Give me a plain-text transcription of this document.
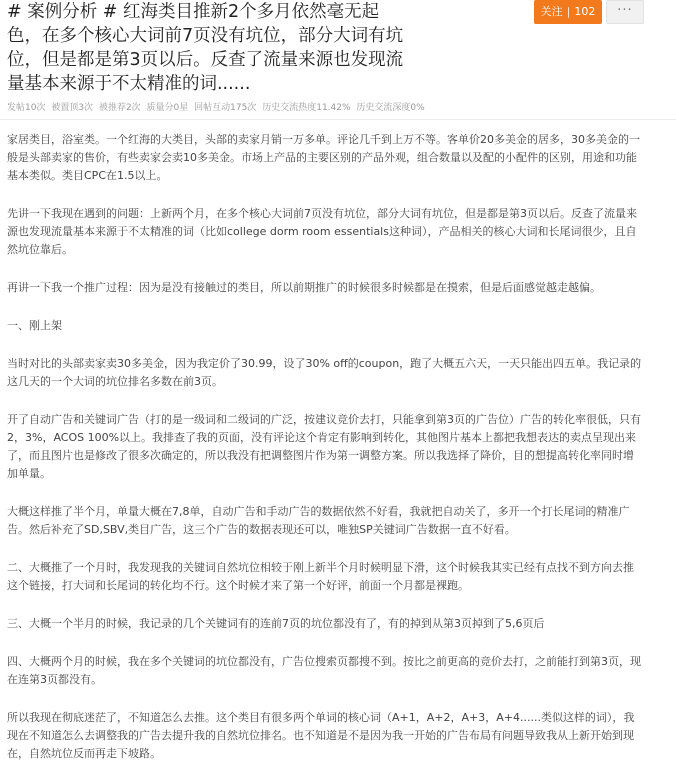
# 案例分析 # 红海类目推新2个多月依然毫无起色，在多个核心大词前7页没有坑位，部分大词有坑位，但是都是第3页以后。反查了流量来源也发现流量基本来源于不太精准的词......
关注 | 102	···
发帖10次 被置顶3次 被推荐2次 质量分0星 回帖互动175次 历史交流热度11.42% 历史交流深度0%

家居类目，浴室类。一个红海的大类目，头部的卖家月销一万多单。评论几千到上万不等。客单价20多美金的居多，30多美金的一般是头部卖家的售价，有些卖家会卖10多美金。市场上产品的主要区别的产品外观，组合数量以及配的小配件的区别，用途和功能基本类似。类目CPC在1.5以上。

先讲一下我现在遇到的问题：上新两个月，在多个核心大词前7页没有坑位，部分大词有坑位，但是都是第3页以后。反查了流量来源也发现流量基本来源于不太精准的词（比如college dorm room essentials这种词），产品相关的核心大词和长尾词很少，且自然坑位靠后。

再讲一下我一个推广过程：因为是没有接触过的类目，所以前期推广的时候很多时候都是在摸索，但是后面感觉越走越偏。

一、刚上架

当时对比的头部卖家卖30多美金，因为我定价了30.99，设了30% off的coupon，跑了大概五六天，一天只能出四五单。我记录的这几天的一个大词的坑位排名多数在前3页。

开了自动广告和关键词广告（打的是一级词和二级词的广泛，按建议竞价去打，只能拿到第3页的广告位）广告的转化率很低，只有2，3%，ACOS 100%以上。我排查了我的页面，没有评论这个肯定有影响到转化，其他图片基本上都把我想表达的卖点呈现出来了，而且图片也是修改了很多次确定的，所以我没有把调整图片作为第一调整方案。所以我选择了降价，目的想提高转化率同时增加单量。

大概这样推了半个月，单量大概在7,8单，自动广告和手动广告的数据依然不好看，我就把自动关了，多开一个打长尾词的精准广告。然后补充了SD,SBV,类目广告，这三个广告的数据表现还可以，唯独SP关键词广告数据一直不好看。

二、大概推了一个月时，我发现我的关键词自然坑位相较于刚上新半个月时候明显下滑，这个时候我其实已经有点找不到方向去推这个链接，打大词和长尾词的转化均不行。这个时候才来了第一个好评，前面一个月都是裸跑。

三、大概一个半月的时候，我记录的几个关键词有的连前7页的坑位都没有了，有的掉到从第3页掉到了5,6页后

四、大概两个月的时候，我在多个关键词的坑位都没有，广告位搜索页都搜不到。按比之前更高的竞价去打，之前能打到第3页，现在连第3页都没有。

所以我现在彻底迷茫了，不知道怎么去推。这个类目有很多两个单词的核心词（A+1，A+2，A+3，A+4......类似这样的词），我现在不知道怎么去调整我的广告去提升我的自然坑位排名。也不知道是不是因为我一开始的广告布局有问题导致我从上新开始到现在，自然坑位反而再走下坡路。
